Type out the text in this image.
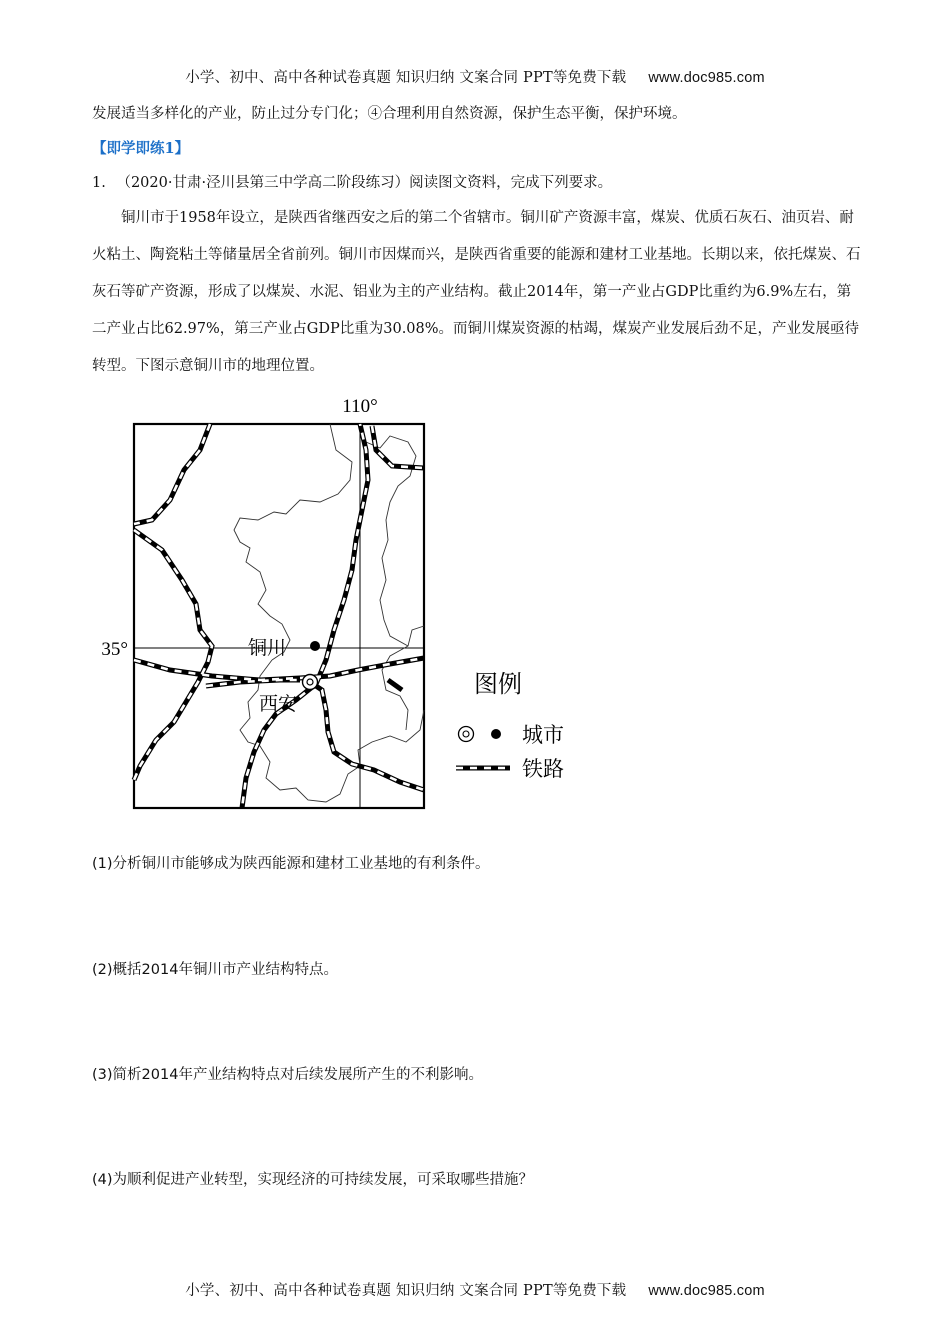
小学、初中、高中各种试卷真题 知识归纳 文案合同 PPT等免费下载 www.doc985.com
发展适当多样化的产业，防止过分专门化；④合理利用自然资源，保护生态平衡，保护环境。
【即学即练1】
1. （2020·甘肃·泾川县第三中学高二阶段练习）阅读图文资料，完成下列要求。
铜川市于1958年设立，是陕西省继西安之后的第二个省辖市。铜川矿产资源丰富，煤炭、优质石灰石、油页岩、耐火粘土、陶瓷粘土等储量居全省前列。铜川市因煤而兴，是陕西省重要的能源和建材工业基地。长期以来，依托煤炭、石灰石等矿产资源，形成了以煤炭、水泥、铝业为主的产业结构。截止2014年，第一产业占GDP比重约为6.9%左右，第二产业占比62.97%，第三产业占GDP比重为30.08%。而铜川煤炭资源的枯竭，煤炭产业发展后劲不足，产业发展亟待转型。下图示意铜川市的地理位置。
110°
35°	铜川
西安
图例
城市
铁路
(1)分析铜川市能够成为陕西能源和建材工业基地的有利条件。
(2)概括2014年铜川市产业结构特点。
(3)简析2014年产业结构特点对后续发展所产生的不利影响。
(4)为顺利促进产业转型，实现经济的可持续发展，可采取哪些措施？
小学、初中、高中各种试卷真题 知识归纳 文案合同 PPT等免费下载 www.doc985.com
